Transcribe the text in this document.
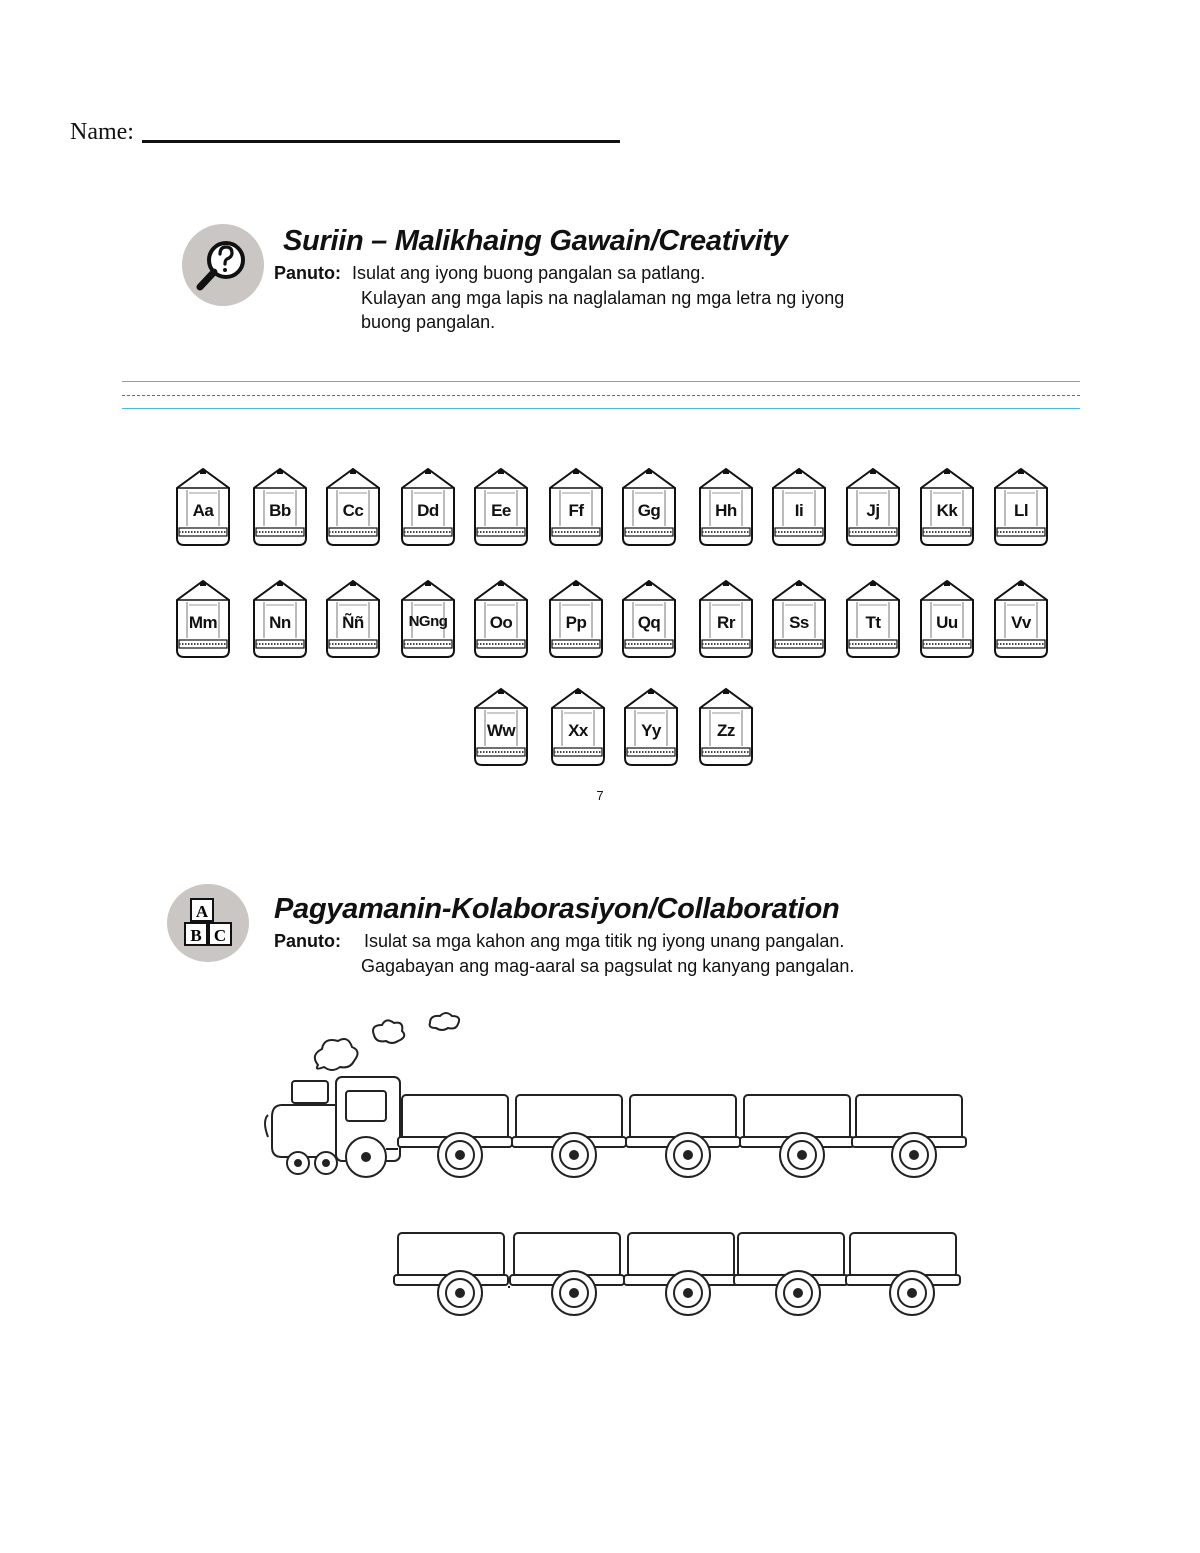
Name:
Suriin – Malikhaing Gawain/Creativity
Panuto: Isulat ang iyong buong pangalan sa patlang.
Kulayan ang mga lapis na naglalaman ng mga letra ng iyong
buong pangalan.
Aa	Bb	Cc	Dd	Ee	Ff	Gg	Hh	Ii	Jj	Kk	Ll
Mm	Nn	Ññ	NGng	Oo	Pp	Qq	Rr	Ss	Tt	Uu	Vv
Ww	Xx	Yy	Zz
7
A
B C
Pagyamanin-Kolaborasiyon/Collaboration
Panuto: Isulat sa mga kahon ang mga titik ng iyong unang pangalan.
Gagabayan ang mag-aaral sa pagsulat ng kanyang pangalan.
